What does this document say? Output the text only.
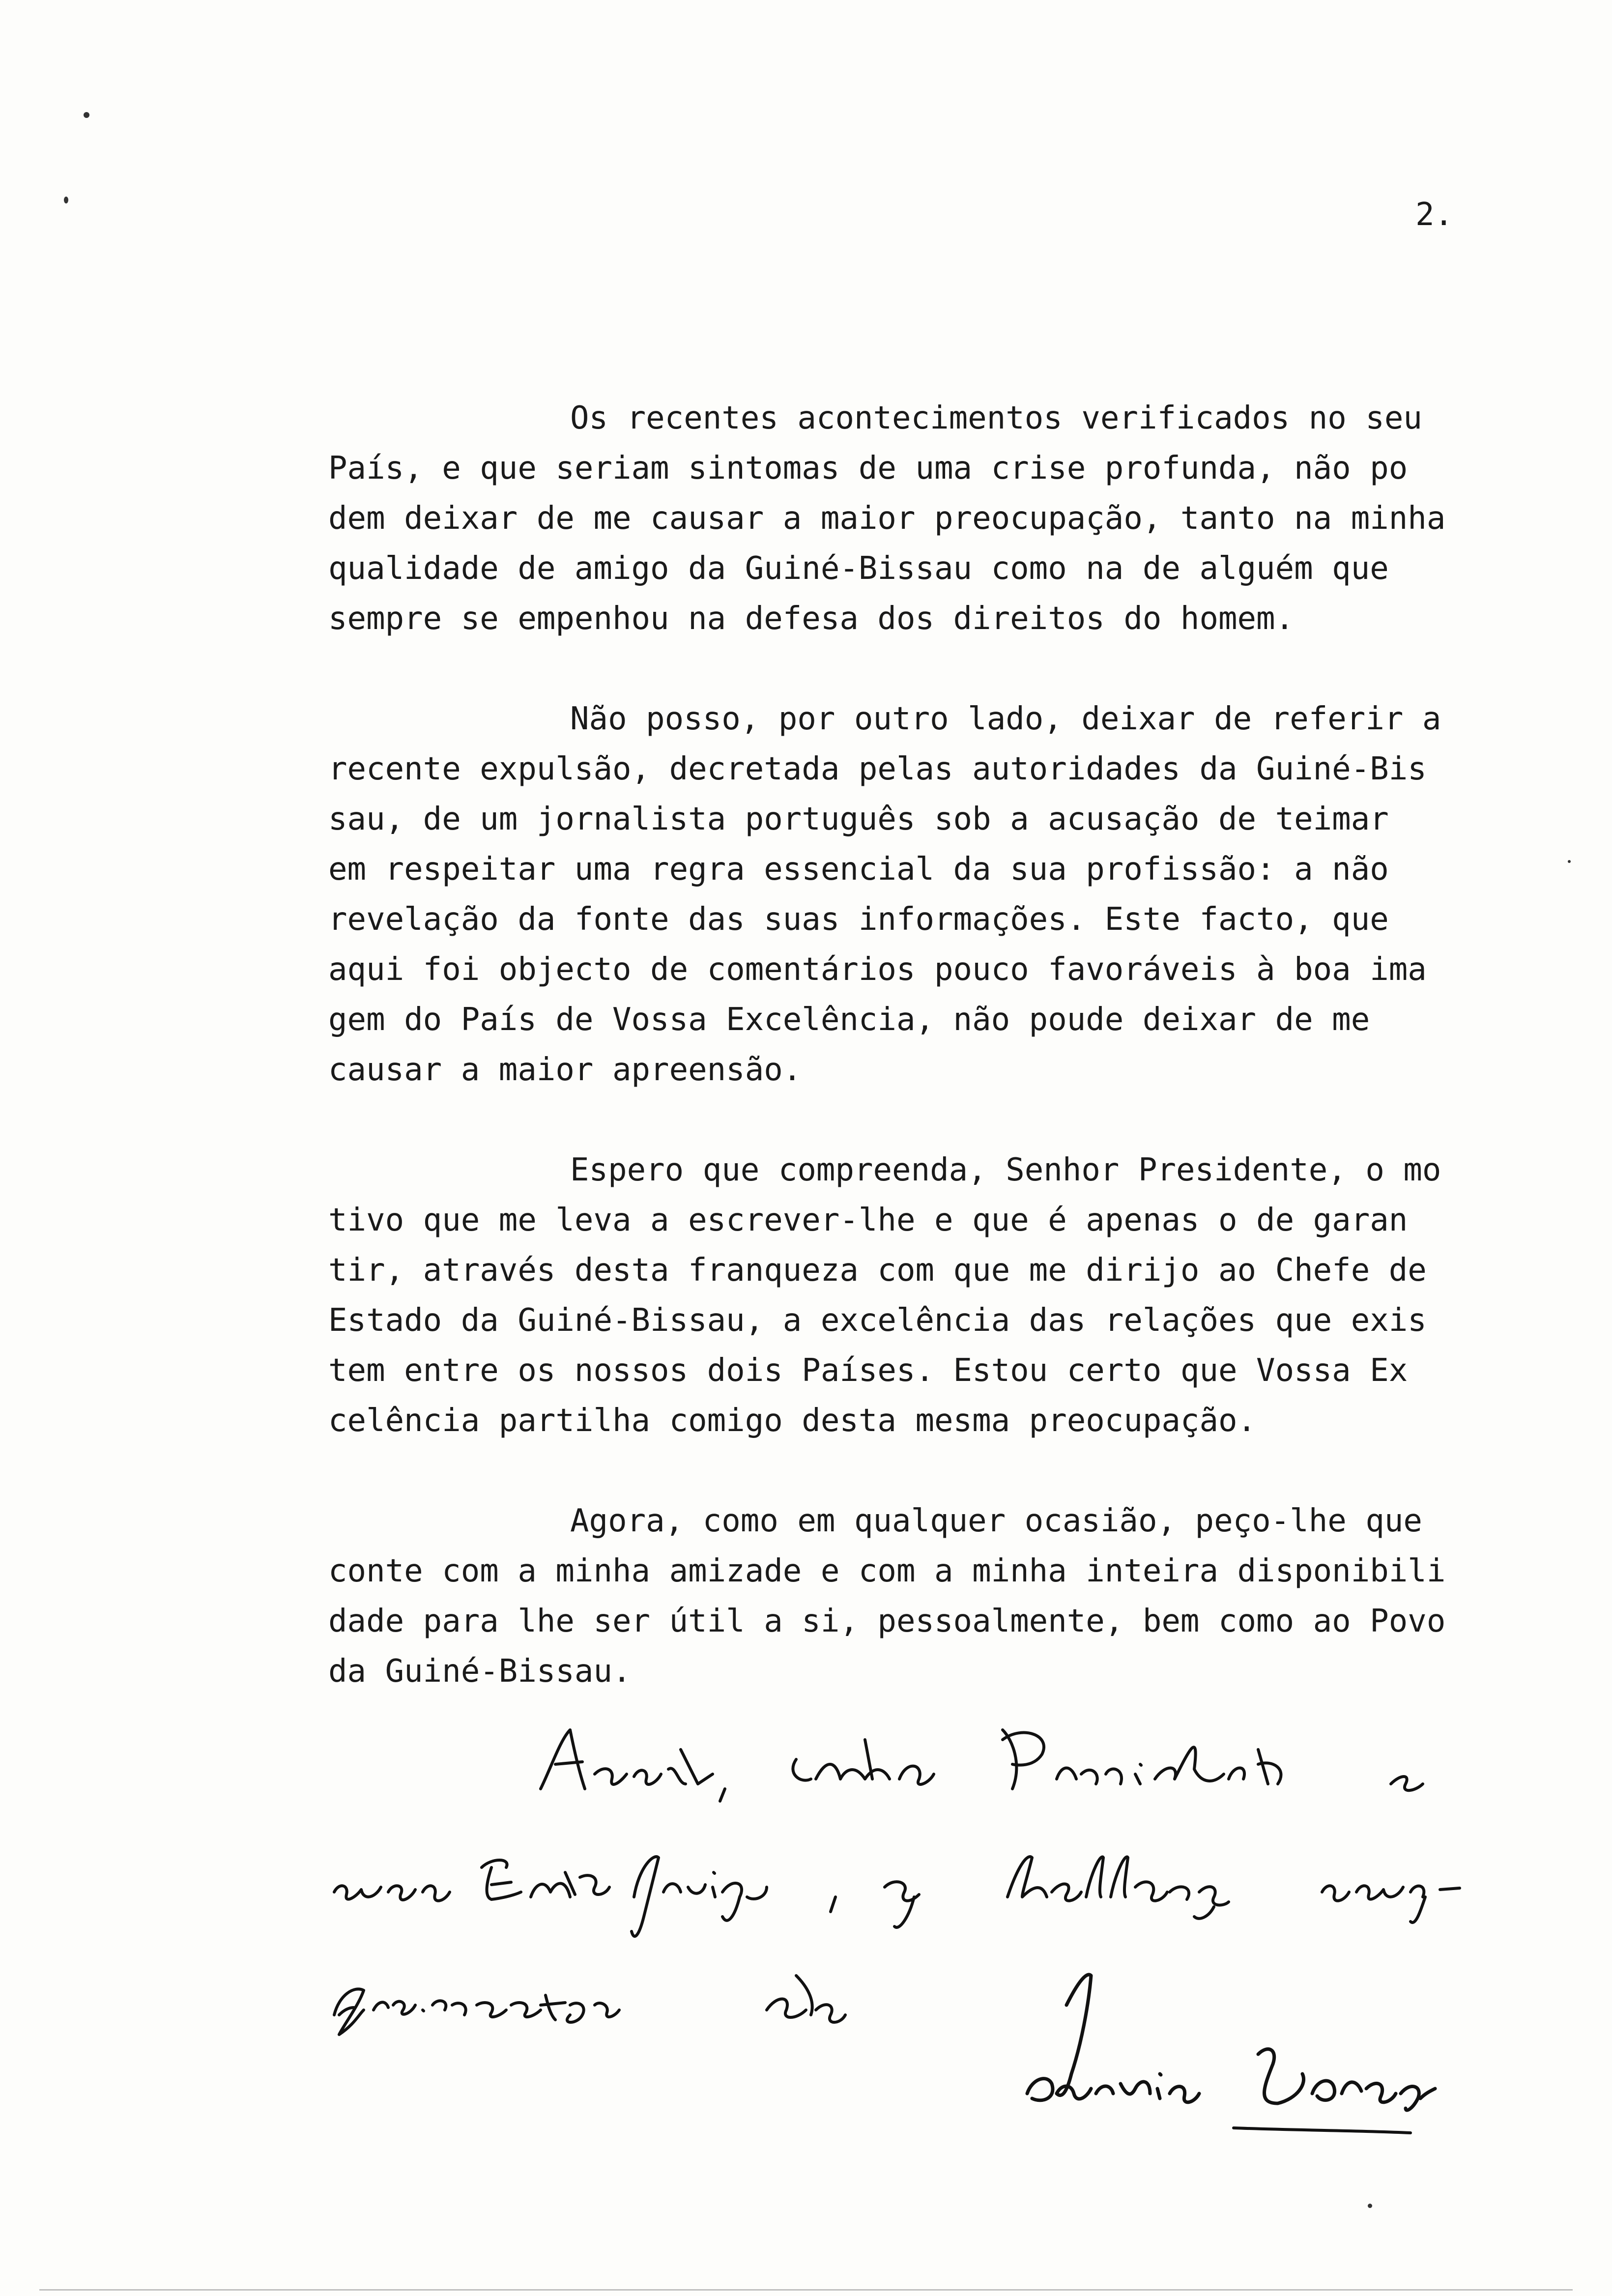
2.

Os recentes acontecimentos verificados no seu
País, e que seriam sintomas de uma crise profunda, não po
dem deixar de me causar a maior preocupação, tanto na minha
qualidade de amigo da Guiné-Bissau como na de alguém que
sempre se empenhou na defesa dos direitos do homem.

Não posso, por outro lado, deixar de referir a
recente expulsão, decretada pelas autoridades da Guiné-Bis
sau, de um jornalista português sob a acusação de teimar
em respeitar uma regra essencial da sua profissão: a não
revelação da fonte das suas informações. Este facto, que
aqui foi objecto de comentários pouco favoráveis à boa ima
gem do País de Vossa Excelência, não poude deixar de me
causar a maior apreensão.

Espero que compreenda, Senhor Presidente, o mo
tivo que me leva a escrever-lhe e que é apenas o de garan
tir, através desta franqueza com que me dirijo ao Chefe de
Estado da Guiné-Bissau, a excelência das relações que exis
tem entre os nossos dois Países. Estou certo que Vossa Ex
celência partilha comigo desta mesma preocupação.

Agora, como em qualquer ocasião, peço-lhe que
conte com a minha amizade e com a minha inteira disponibili
dade para lhe ser útil a si, pessoalmente, bem como ao Povo
da Guiné-Bissau.
